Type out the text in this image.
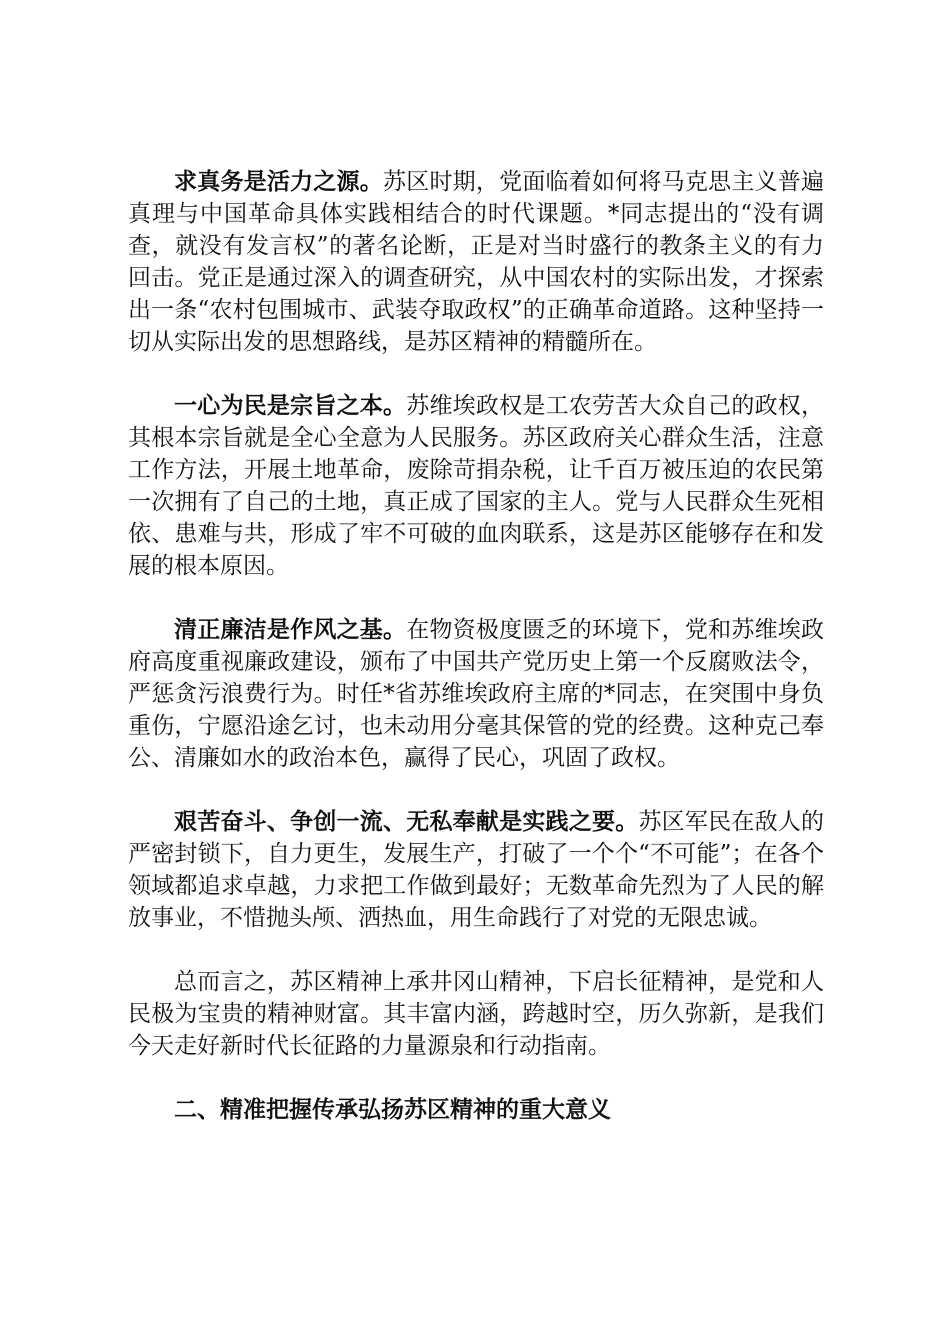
求真务是活力之源。苏区时期，党面临着如何将马克思主义普遍真理与中国革命具体实践相结合的时代课题。*同志提出的“没有调查，就没有发言权”的著名论断，正是对当时盛行的教条主义的有力回击。党正是通过深入的调查研究，从中国农村的实际出发，才探索出一条“农村包围城市、武装夺取政权”的正确革命道路。这种坚持一切从实际出发的思想路线，是苏区精神的精髓所在。

一心为民是宗旨之本。苏维埃政权是工农劳苦大众自己的政权，其根本宗旨就是全心全意为人民服务。苏区政府关心群众生活，注意工作方法，开展土地革命，废除苛捐杂税，让千百万被压迫的农民第一次拥有了自己的土地，真正成了国家的主人。党与人民群众生死相依、患难与共，形成了牢不可破的血肉联系，这是苏区能够存在和发展的根本原因。

清正廉洁是作风之基。在物资极度匮乏的环境下，党和苏维埃政府高度重视廉政建设，颁布了中国共产党历史上第一个反腐败法令，严惩贪污浪费行为。时任*省苏维埃政府主席的*同志，在突围中身负重伤，宁愿沿途乞讨，也未动用分毫其保管的党的经费。这种克己奉公、清廉如水的政治本色，赢得了民心，巩固了政权。

艰苦奋斗、争创一流、无私奉献是实践之要。苏区军民在敌人的严密封锁下，自力更生，发展生产，打破了一个个“不可能”；在各个领域都追求卓越，力求把工作做到最好；无数革命先烈为了人民的解放事业，不惜抛头颅、洒热血，用生命践行了对党的无限忠诚。

总而言之，苏区精神上承井冈山精神，下启长征精神，是党和人民极为宝贵的精神财富。其丰富内涵，跨越时空，历久弥新，是我们今天走好新时代长征路的力量源泉和行动指南。

二、精准把握传承弘扬苏区精神的重大意义
